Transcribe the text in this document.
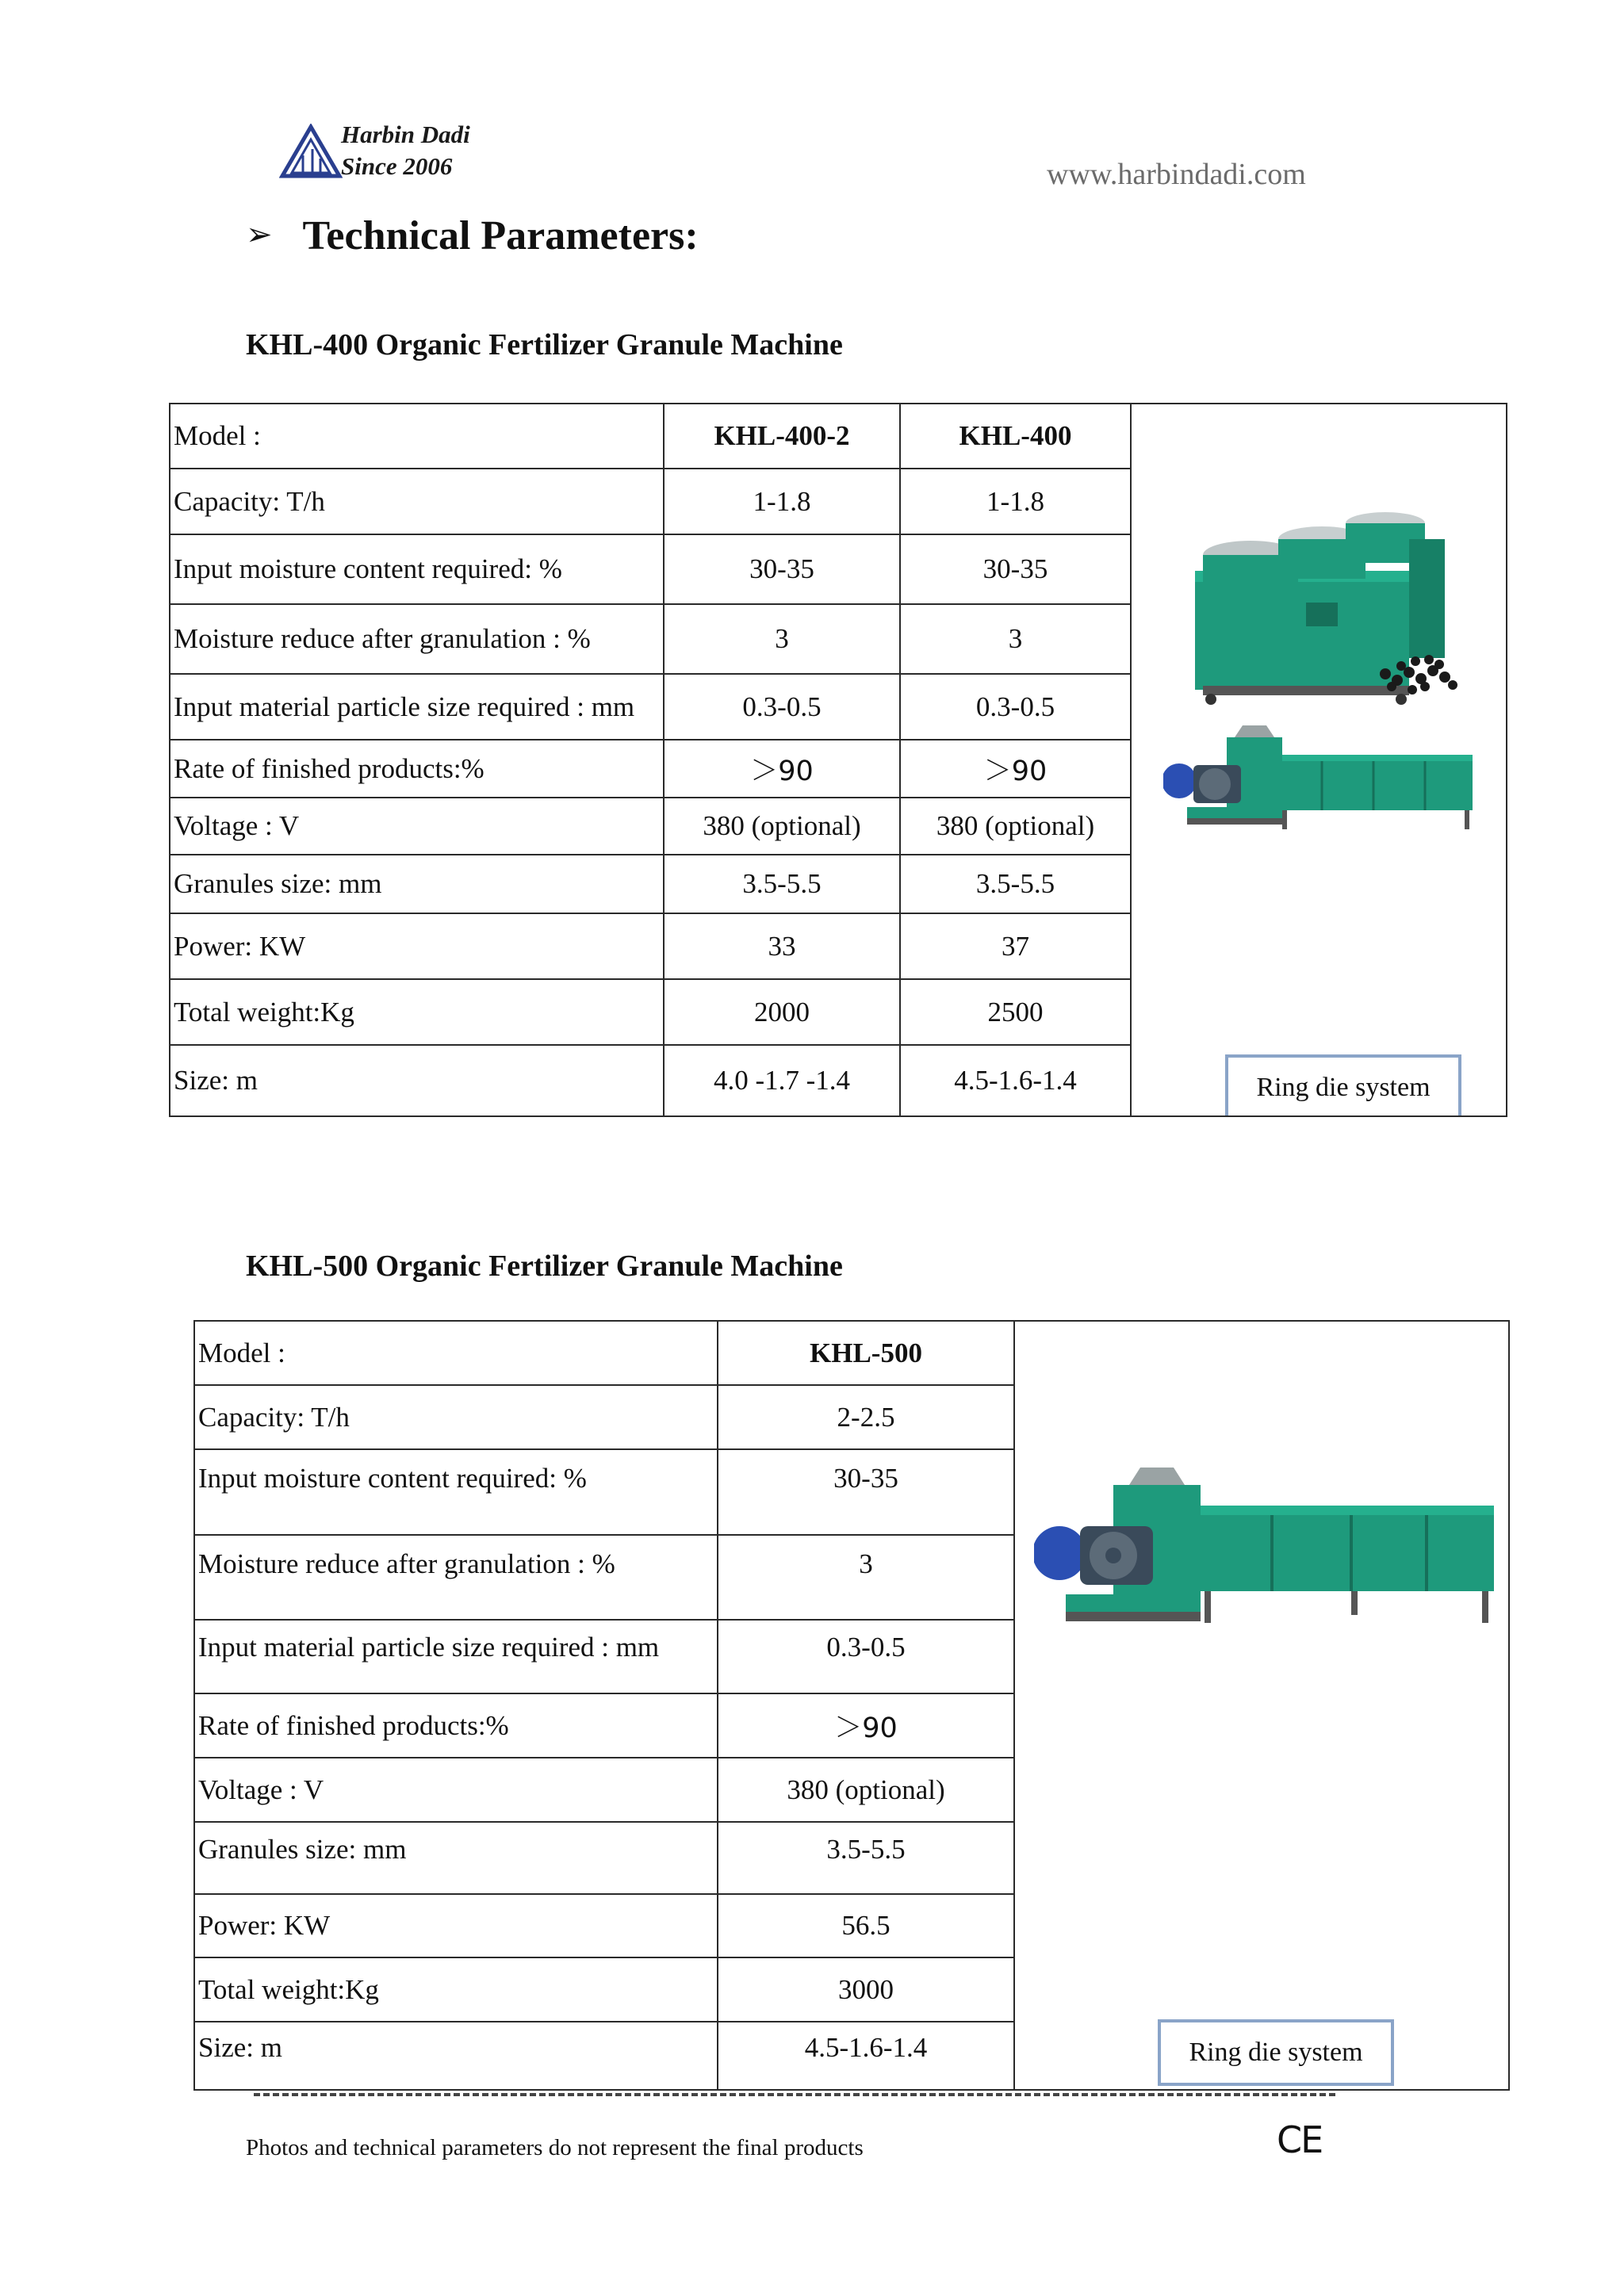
Harbin Dadi
Since 2006	www.harbindadi.com
➢ Technical Parameters:
KHL-400 Organic Fertilizer Granule Machine
Model :	KHL-400-2	KHL-400	Ring die system

Capacity: T/h	1-1.8	1-1.8	
Input moisture content required: %	30-35	30-35	
Moisture reduce after granulation : %	3	3	
Input material particle size required : mm	0.3-0.5	0.3-0.5	
Rate of finished products:%	＞90	＞90	
Voltage : V	380 (optional)	380 (optional)	
Granules size: mm	3.5-5.5	3.5-5.5	
Power: KW	33	37	
Total weight:Kg	2000	2500	
Size: m	4.0 -1.7 -1.4	4.5-1.6-1.4	
KHL-500 Organic Fertilizer Granule Machine
Model :	KHL-500	Ring die system

Capacity: T/h	2-2.5	
Input moisture content required: %	30-35	
Moisture reduce after granulation : %	3	
Input material particle size required : mm	0.3-0.5	
Rate of finished products:%	＞90	
Voltage : V	380 (optional)	
Granules size: mm	3.5-5.5	
Power: KW	56.5	
Total weight:Kg	3000	
Size: m	4.5-1.6-1.4	
Photos and technical parameters do not represent the final products	CE
